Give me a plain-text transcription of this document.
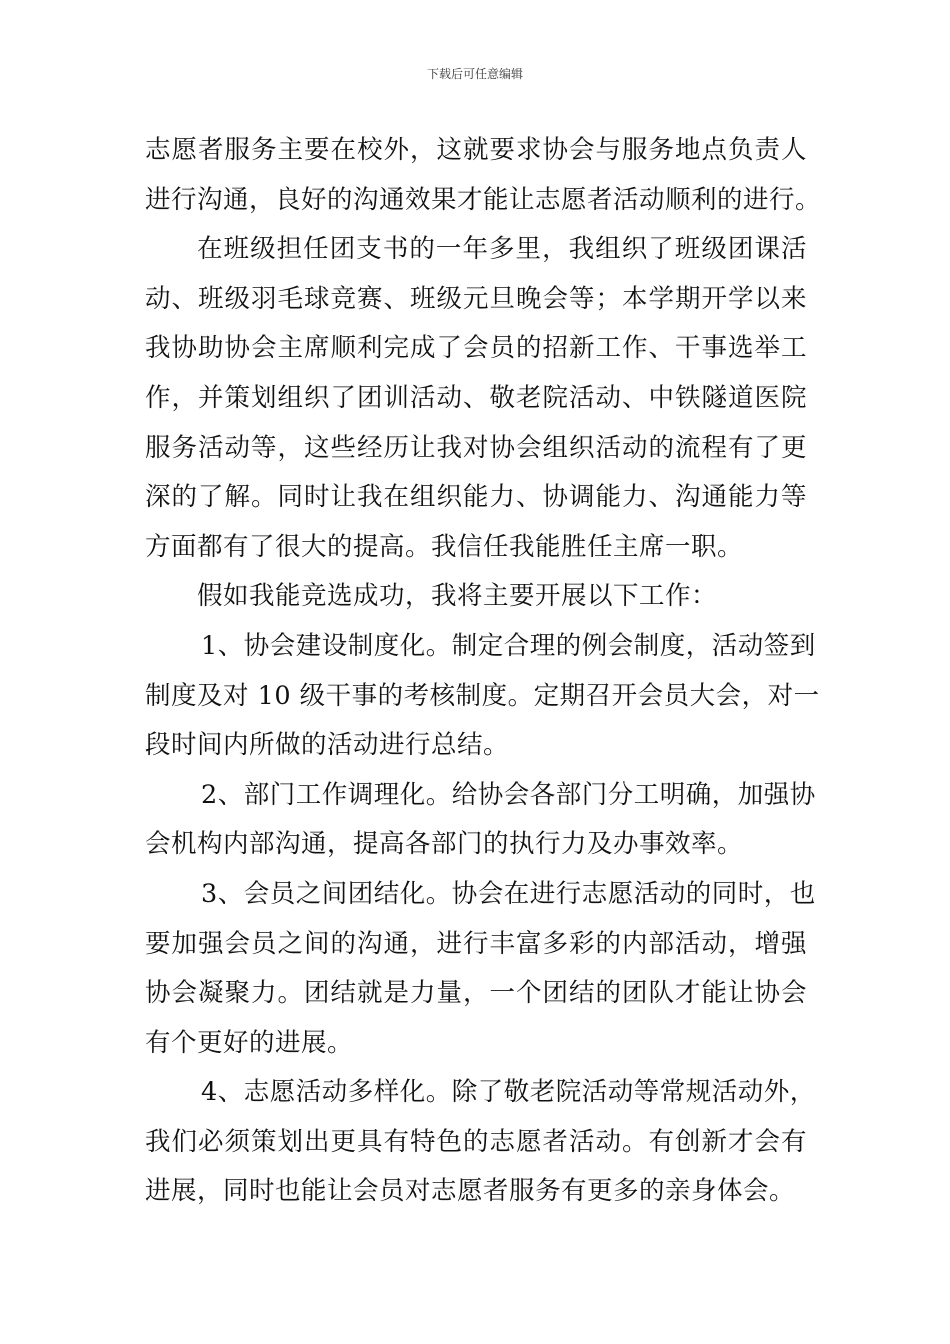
下载后可任意编辑
志愿者服务主要在校外，这就要求协会与服务地点负责人
进行沟通，良好的沟通效果才能让志愿者活动顺利的进行。
在班级担任团支书的一年多里，我组织了班级团课活
动、班级羽毛球竞赛、班级元旦晚会等；本学期开学以来
我协助协会主席顺利完成了会员的招新工作、干事选举工
作，并策划组织了团训活动、敬老院活动、中铁隧道医院
服务活动等，这些经历让我对协会组织活动的流程有了更
深的了解。同时让我在组织能力、协调能力、沟通能力等
方面都有了很大的提高。我信任我能胜任主席一职。
假如我能竞选成功，我将主要开展以下工作：
1、协会建设制度化。制定合理的例会制度，活动签到
制度及对 10 级干事的考核制度。定期召开会员大会，对一
段时间内所做的活动进行总结。
2、部门工作调理化。给协会各部门分工明确，加强协
会机构内部沟通，提高各部门的执行力及办事效率。
3、会员之间团结化。协会在进行志愿活动的同时，也
要加强会员之间的沟通，进行丰富多彩的内部活动，增强
协会凝聚力。团结就是力量，一个团结的团队才能让协会
有个更好的进展。
4、志愿活动多样化。除了敬老院活动等常规活动外，
我们必须策划出更具有特色的志愿者活动。有创新才会有
进展，同时也能让会员对志愿者服务有更多的亲身体会。
